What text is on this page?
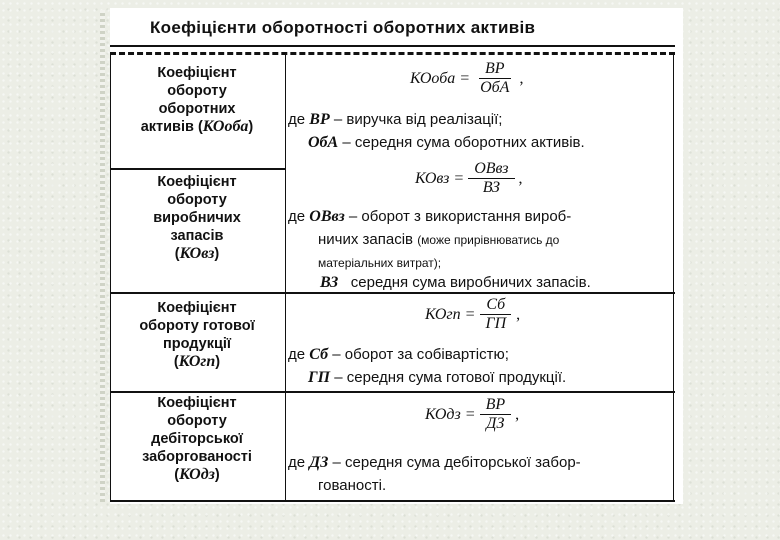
Коефіцієнти оборотності оборотних активів
Коефіцієнт
обороту
оборотних
активів (КОоба)
КОоба = $\frac{ВР}{\text{ОбА}}$ ,
де ВР – виручка від реалізації;
ОбА – середня сума оборотних активів.
Коефіцієнт
обороту
виробничих
запасів
(КОвз)
КОвз = $\frac{\text{ОВвз}}{ВЗ}$ ,
де ОВвз – оборот з використання вироб-
ничих запасів (може прирівнюватись до
матеріальних витрат);
ВЗ середня сума виробничих запасів.
Коефіцієнт
обороту готової
продукції
(КОгп)
КОгп = $\frac{Сб}{ГП}$ ,
де Сб – оборот за собівартістю;
ГП – середня сума готової продукції.
Коефіцієнт
обороту
дебіторської
заборгованості
(КОдз)
КОдз = $\frac{ВР}{ДЗ}$ ,
де ДЗ – середня сума дебіторської забор-
гованості.
